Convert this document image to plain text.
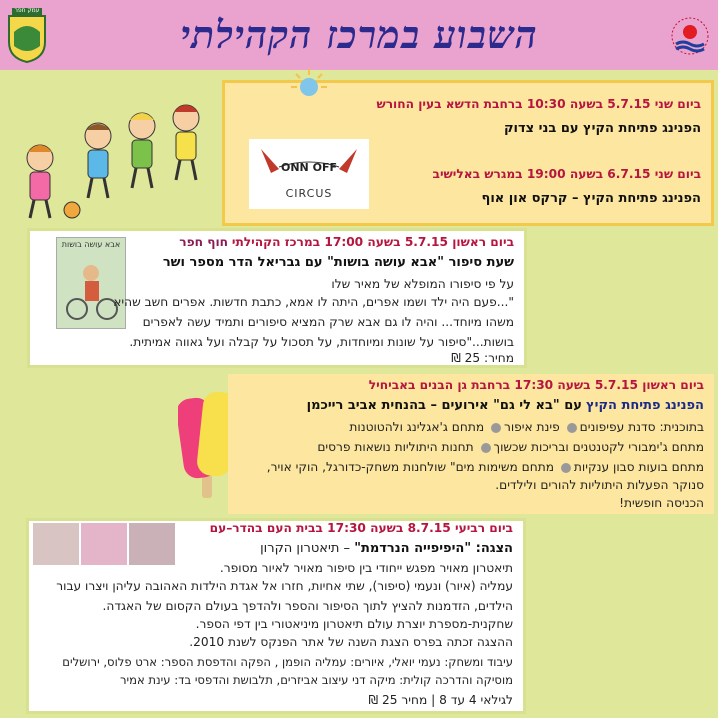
עמק חפר
השבוע במרכז הקהילתי
ביום שני 5.7.15 בשעה 10:30 ברחבת הדשא בעין החורש
הפנינג פתיחת הקיץ עם בני צדוק
ביום שני 6.7.15 בשעה 19:00 במגרש באלישיב
הפנינג פתיחת הקיץ – קרקס און אוף
ONN OFF
CIRCUS
אבא עושה בושות	ביום ראשון 5.7.15 בשעה 17:00 במרכז הקהילתי חוף חפר
שעת סיפור "אבא עושה בושות" עם גבריאל הדר מספר ושר
על פי סיפורו המופלא של מאיר שלו
"...פעם היה ילד ושמו אפרים, היתה לו אמא, כתבת חדשות. אפרים חשב שהיא
משהו מיוחד... והיה לו גם אבא שרק המציא סיפורים ותמיד עשה לאפרים
בושות..."סיפור על שונות ומיוחדות, על תסכול על קבלה ועל גאווה אמיתית.
מחיר: 25 ₪
ביום ראשון 5.7.15 בשעה 17:30 ברחבת גן הבנים באביחיל
הפנינג פתיחת הקיץ עם "בא לי גם" אירועים – בהנחית אביב רייכמן
בתוכנית: סדנת עפיפונים פינת איפור מתחם ג'אגלינג ולהטוטנות
מתחם ג'ימבורי לקטנטנים ובריכות שכשוך תחנות היתוליות נושאות פרסים
מתחם בועות סבון ענקיות מתחם משימות מים" שולחנות משחק-כדורגל, הוקי אויר,
סנוקר הפעלות היתוליות להורים ולילדים.
הכניסה חופשית!
ביום רביעי 8.7.15 בשעה 17:30 בבית העם בהדר–עם
הצגה: "היפיפייה הנרדמת" – תיאטרון הקרון
תיאטרון מאויר מפגש ייחודי בין סיפור מאויר לאיור מסופר.
עמליה (איור) ונעמי (סיפור), שתי אחיות, חזרו אל אגדת הילדות האהובה עליהן ויצרו עבור
הילדים, הזדמנות להציץ לתוך הסיפור והספר ולהדפך בעולם הקסום של האגדה.
שחקנית-מספרת יוצרת עולם תיאטרון מיניאטורי בין דפי הספר.
ההצגה זכתה בפרס הצגת השנה של אתר הפנקס לשנת 2010.
עיבוד ומשחק: נעמי יואלי, איורים: עמליה הופמן , הפקה והדפסת הספר: ארט פלוס, ירושלים
מוסיקה והדרכה קולית: מיקה דני עיצוב אביזרים, תלבושת והדפסי בד: עינת אמיר
לגילאי 4 עד 8 | מחיר 25 ₪
